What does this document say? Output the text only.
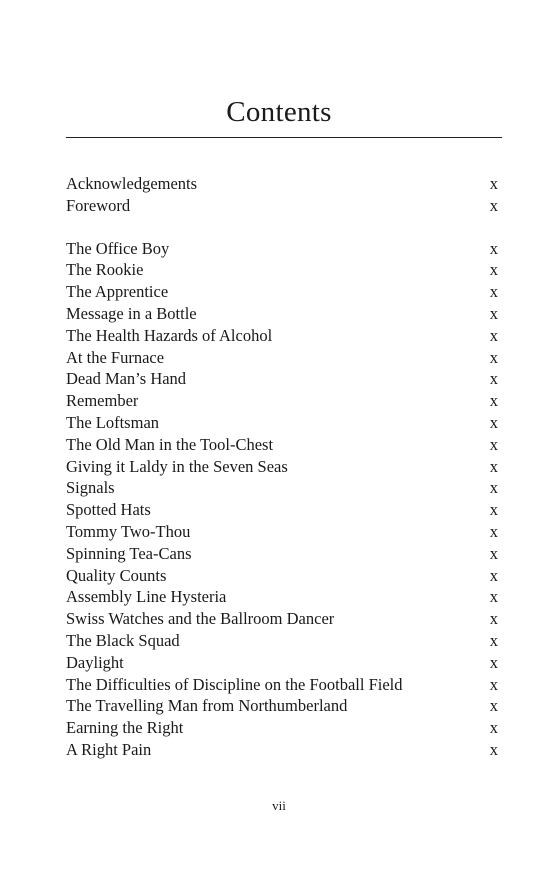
Contents
Acknowledgements	x
Foreword	x
The Office Boy	x
The Rookie	x
The Apprentice	x
Message in a Bottle	x
The Health Hazards of Alcohol	x
At the Furnace	x
Dead Man’s Hand	x
Remember	x
The Loftsman	x
The Old Man in the Tool-Chest	x
Giving it Laldy in the Seven Seas	x
Signals	x
Spotted Hats	x
Tommy Two-Thou	x
Spinning Tea-Cans	x
Quality Counts	x
Assembly Line Hysteria	x
Swiss Watches and the Ballroom Dancer	x
The Black Squad	x
Daylight	x
The Difficulties of Discipline on the Football Field	x
The Travelling Man from Northumberland	x
Earning the Right	x
A Right Pain	x
vii
